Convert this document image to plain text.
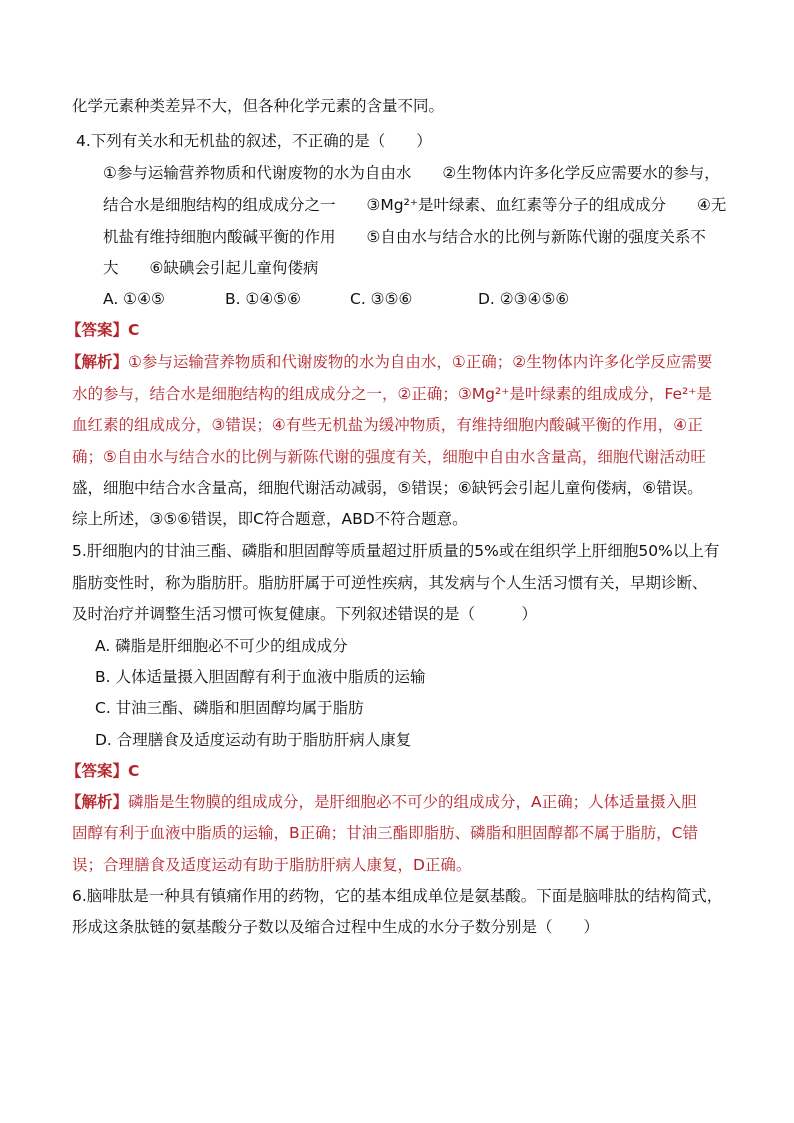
化学元素种类差异不大，但各种化学元素的含量不同。
4.下列有关水和无机盐的叙述，不正确的是（　　）
①参与运输营养物质和代谢废物的水为自由水　　②生物体内许多化学反应需要水的参与，
结合水是细胞结构的组成成分之一　　③Mg²⁺是叶绿素、血红素等分子的组成成分　　④无
机盐有维持细胞内酸碱平衡的作用　　⑤自由水与结合水的比例与新陈代谢的强度关系不
大　　⑥缺碘会引起儿童佝偻病
A. ①④⑤	B. ①④⑤⑥	C. ③⑤⑥	D. ②③④⑤⑥
【答案】C
【解析】①参与运输营养物质和代谢废物的水为自由水，①正确；②生物体内许多化学反应需要
水的参与，结合水是细胞结构的组成成分之一，②正确；③Mg²⁺是叶绿素的组成成分，Fe²⁺是
血红素的组成成分，③错误；④有些无机盐为缓冲物质，有维持细胞内酸碱平衡的作用，④正
确；⑤自由水与结合水的比例与新陈代谢的强度有关，细胞中自由水含量高，细胞代谢活动旺
盛，细胞中结合水含量高，细胞代谢活动减弱，⑤错误；⑥缺钙会引起儿童佝偻病，⑥错误。
综上所述，③⑤⑥错误，即C符合题意，ABD不符合题意。
5.肝细胞内的甘油三酯、磷脂和胆固醇等质量超过肝质量的5%或在组织学上肝细胞50%以上有
脂肪变性时，称为脂肪肝。脂肪肝属于可逆性疾病，其发病与个人生活习惯有关，早期诊断、
及时治疗并调整生活习惯可恢复健康。下列叙述错误的是（　　　）
A. 磷脂是肝细胞必不可少的组成成分
B. 人体适量摄入胆固醇有利于血液中脂质的运输
C. 甘油三酯、磷脂和胆固醇均属于脂肪
D. 合理膳食及适度运动有助于脂肪肝病人康复
【答案】C
【解析】磷脂是生物膜的组成成分，是肝细胞必不可少的组成成分，A正确；人体适量摄入胆
固醇有利于血液中脂质的运输，B正确；甘油三酯即脂肪、磷脂和胆固醇都不属于脂肪，C错
误；合理膳食及适度运动有助于脂肪肝病人康复，D正确。
6.脑啡肽是一种具有镇痛作用的药物，它的基本组成单位是氨基酸。下面是脑啡肽的结构简式，
形成这条肽链的氨基酸分子数以及缩合过程中生成的水分子数分别是（　　）
